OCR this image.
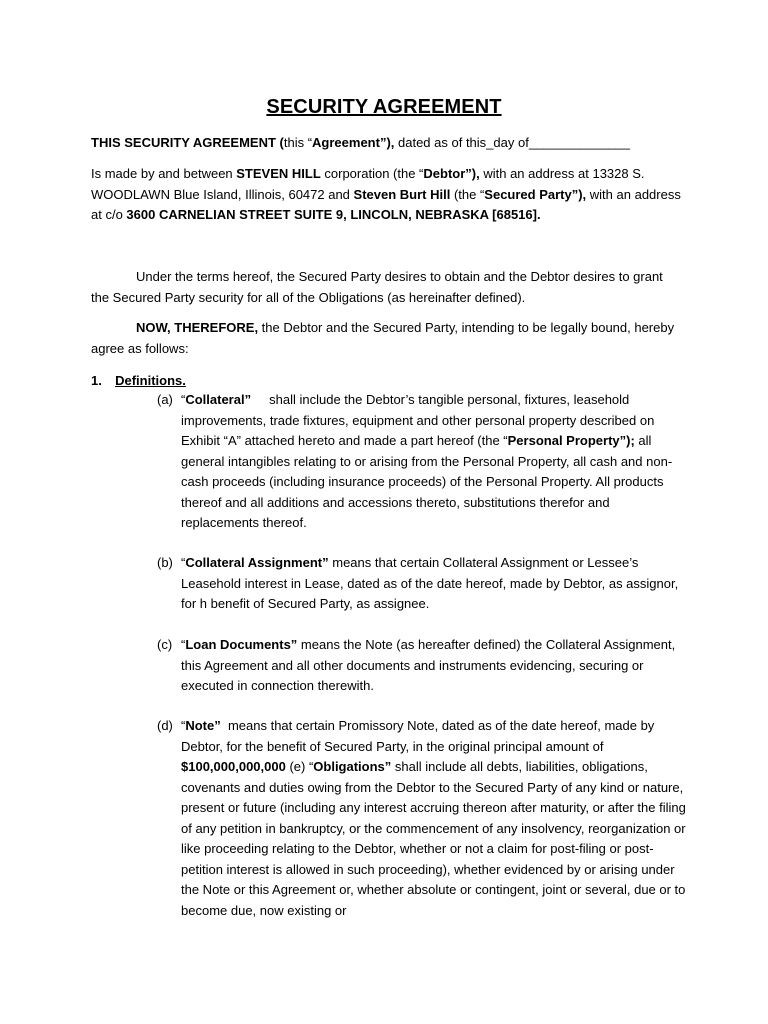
SECURITY AGREEMENT
THIS SECURITY AGREEMENT (this “Agreement”), dated as of this_day of______________
Is made by and between STEVEN HILL corporation (the “Debtor”), with an address at 13328 S. WOODLAWN Blue Island, Illinois, 60472 and Steven Burt Hill (the “Secured Party”), with an address at c/o 3600 CARNELIAN STREET SUITE 9, LINCOLN, NEBRASKA [68516].
Under the terms hereof, the Secured Party desires to obtain and the Debtor desires to grant the Secured Party security for all of the Obligations (as hereinafter defined).
NOW, THEREFORE, the Debtor and the Secured Party, intending to be legally bound, hereby agree as follows:
1. Definitions.
(a) “Collateral”     shall include the Debtor’s tangible personal, fixtures, leasehold improvements, trade fixtures, equipment and other personal property described on Exhibit “A” attached hereto and made a part hereof (the “Personal Property”); all general intangibles relating to or arising from the Personal Property, all cash and non-cash proceeds (including insurance proceeds) of the Personal Property. All products thereof and all additions and accessions thereto, substitutions therefor and replacements thereof.
(b) “Collateral Assignment” means that certain Collateral Assignment or Lessee’s Leasehold interest in Lease, dated as of the date hereof, made by Debtor, as assignor, for h benefit of Secured Party, as assignee.
(c) “Loan Documents” means the Note (as hereafter defined) the Collateral Assignment, this Agreement and all other documents and instruments evidencing, securing or executed in connection therewith.
(d) “Note”  means that certain Promissory Note, dated as of the date hereof, made by Debtor, for the benefit of Secured Party, in the original principal amount of $100,000,000,000 (e) “Obligations” shall include all debts, liabilities, obligations, covenants and duties owing from the Debtor to the Secured Party of any kind or nature, present or future (including any interest accruing thereon after maturity, or after the filing of any petition in bankruptcy, or the commencement of any insolvency, reorganization or like proceeding relating to the Debtor, whether or not a claim for post-filing or post-petition interest is allowed in such proceeding), whether evidenced by or arising under the Note or this Agreement or, whether absolute or contingent, joint or several, due or to become due, now existing or
